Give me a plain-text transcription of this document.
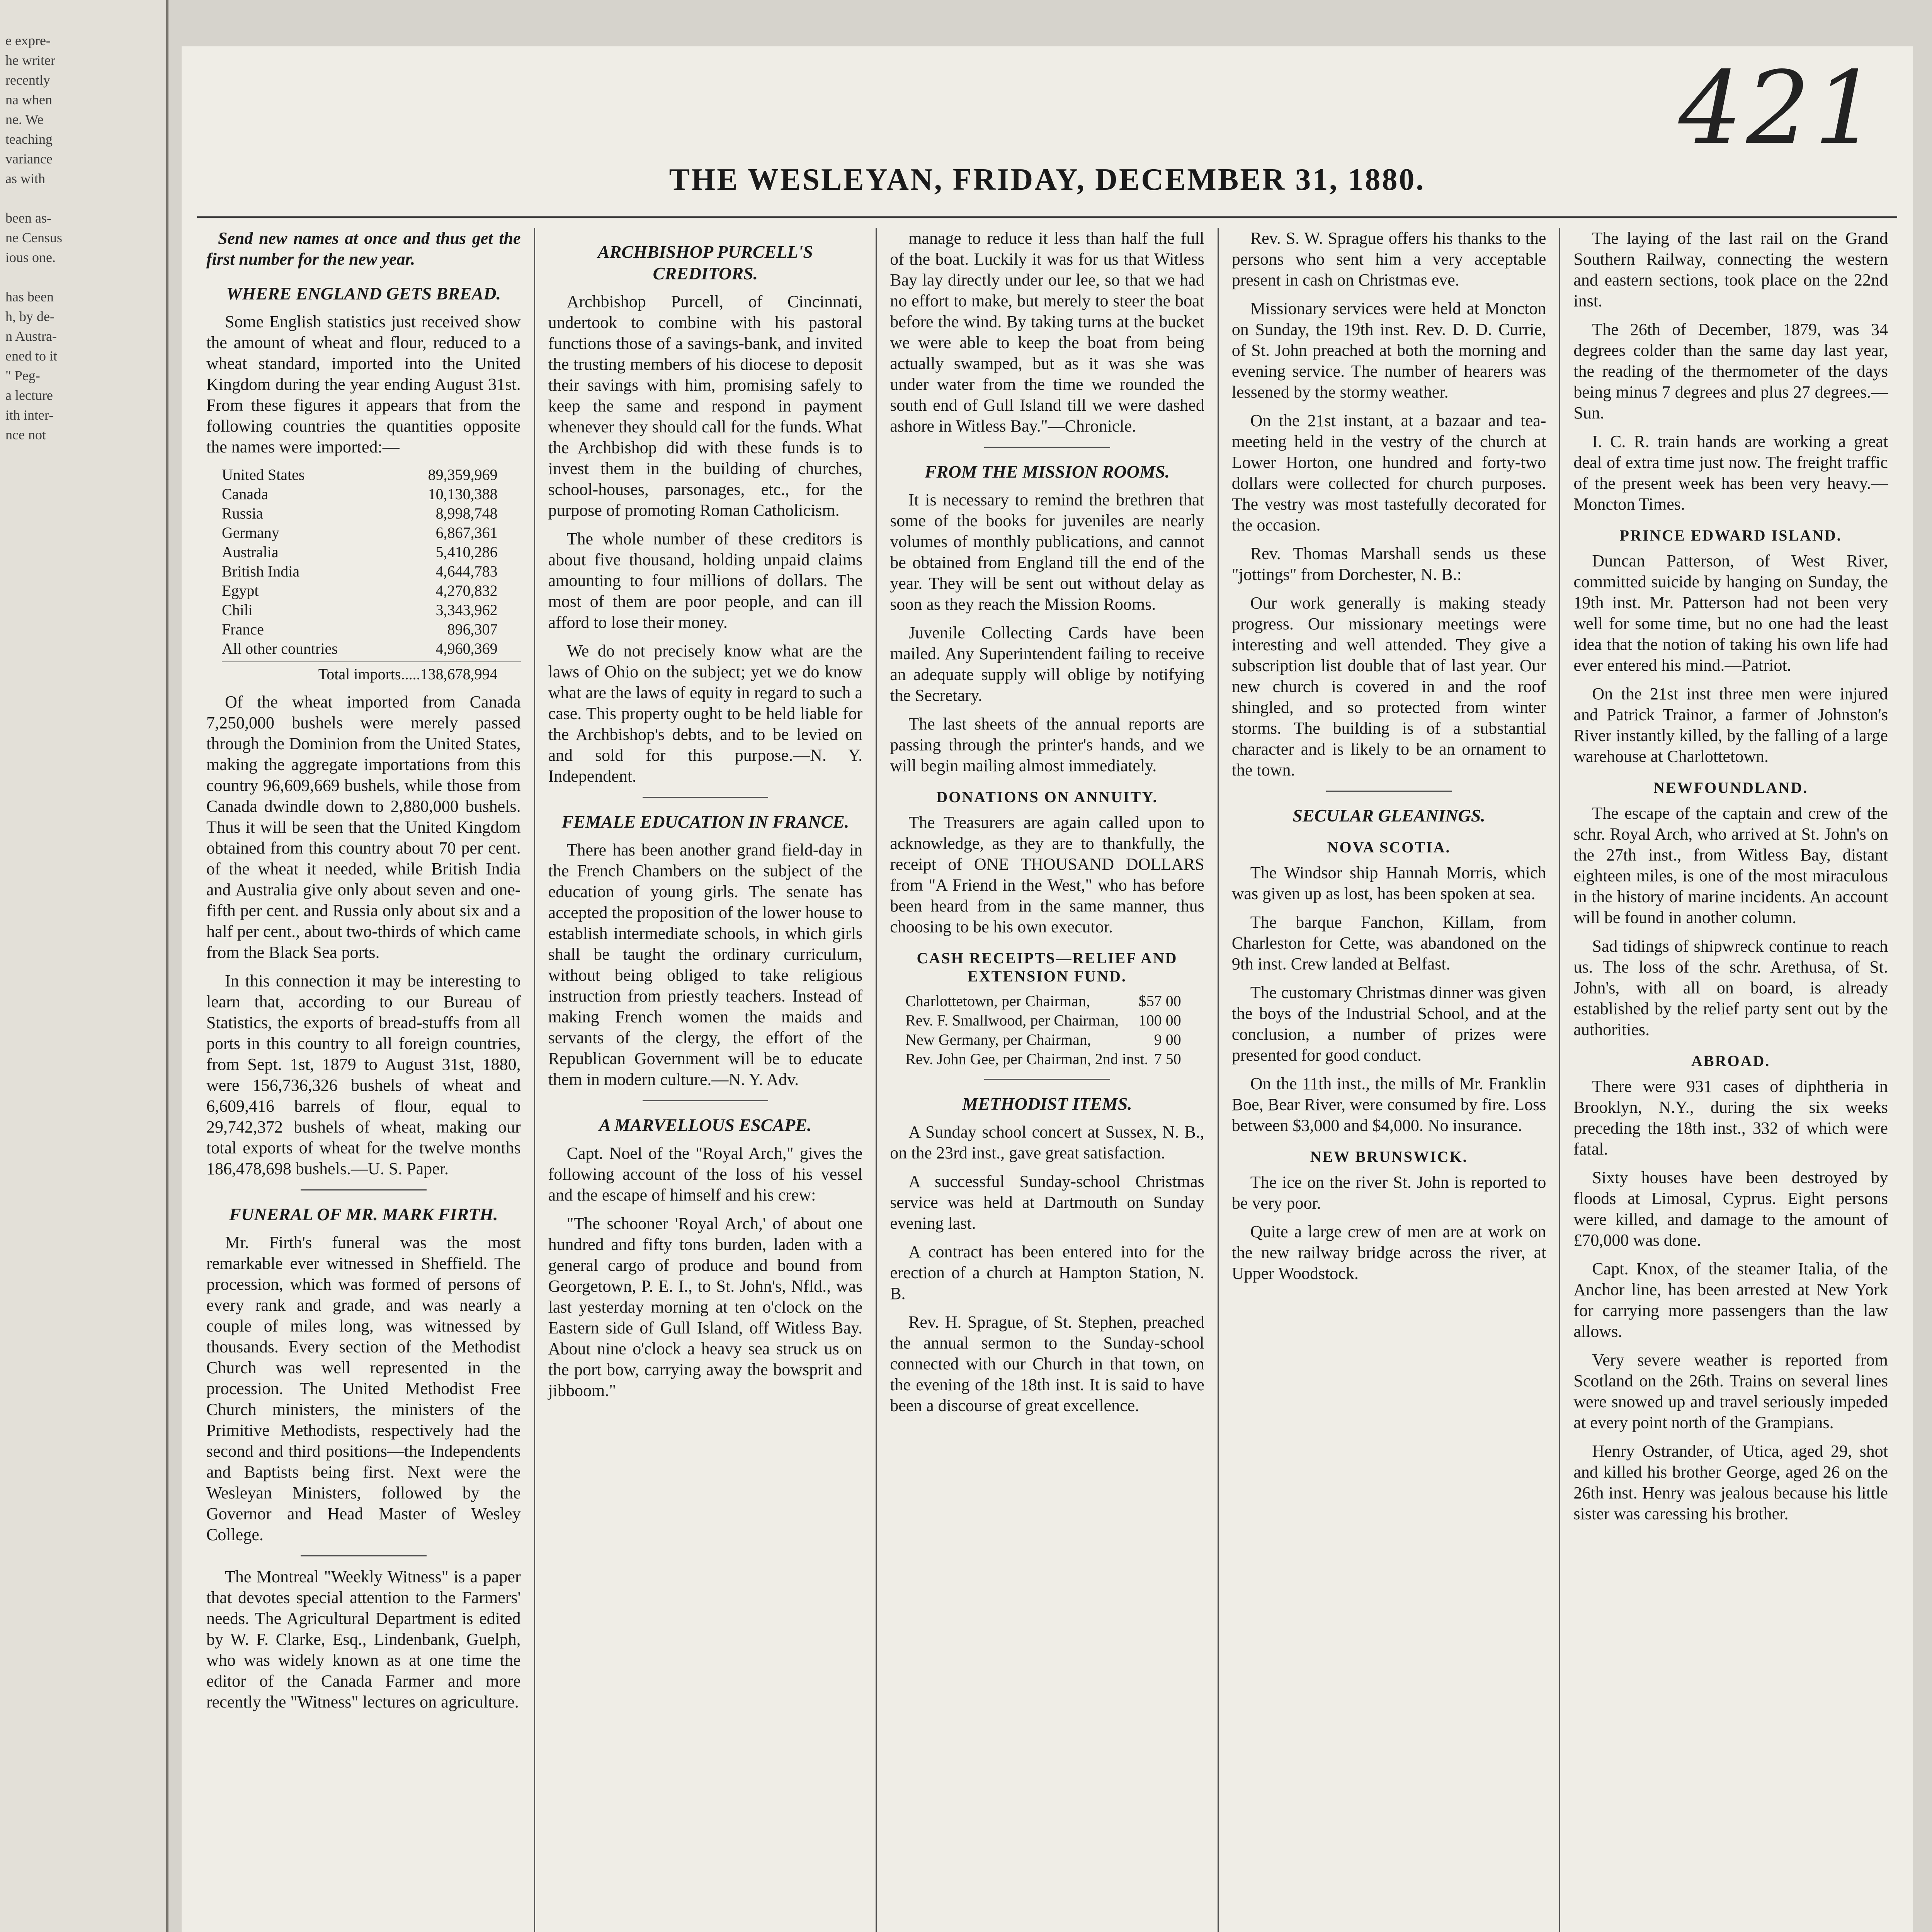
e expre-
he writer
recently
na when
ne. We
teaching
variance
as with

been as-
ne Census
ious one.

has been
h, by de-
n Austra-
ened to it
" Peg-
a lecture
ith inter-
nce not
421
THE WESLEYAN, FRIDAY, DECEMBER 31, 1880.

Send new names at once and thus get the first number for the new year.

WHERE ENGLAND GETS BREAD.

Some English statistics just received show the amount of wheat and flour, reduced to a wheat standard, imported into the United Kingdom during the year ending August 31st. From these figures it appears that from the following countries the quantities opposite the names were imported:—

United States	89,359,969
Canada	10,130,388
Russia	8,998,748
Germany	6,867,361
Australia	5,410,286
British India	4,644,783
Egypt	4,270,832
Chili	3,343,962
France	896,307
All other countries	4,960,369
Total imports.....138,678,994

Of the wheat imported from Canada 7,250,000 bushels were merely passed through the Dominion from the United States, making the aggregate importations from this country 96,609,669 bushels, while those from Canada dwindle down to 2,880,000 bushels. Thus it will be seen that the United Kingdom obtained from this country about 70 per cent. of the wheat it needed, while British India and Australia give only about seven and one-fifth per cent. and Russia only about six and a half per cent., about two-thirds of which came from the Black Sea ports.

In this connection it may be interesting to learn that, according to our Bureau of Statistics, the exports of bread-stuffs from all ports in this country to all foreign countries, from Sept. 1st, 1879 to August 31st, 1880, were 156,736,326 bushels of wheat and 6,609,416 barrels of flour, equal to 29,742,372 bushels of wheat, making our total exports of wheat for the twelve months 186,478,698 bushels.—U. S. Paper.

FUNERAL OF MR. MARK FIRTH.

Mr. Firth's funeral was the most remarkable ever witnessed in Sheffield. The procession, which was formed of persons of every rank and grade, and was nearly a couple of miles long, was witnessed by thousands. Every section of the Methodist Church was well represented in the procession. The United Methodist Free Church ministers, the ministers of the Primitive Methodists, respectively had the second and third positions—the Independents and Baptists being first. Next were the Wesleyan Ministers, followed by the Governor and Head Master of Wesley College.

The Montreal "Weekly Witness" is a paper that devotes special attention to the Farmers' needs. The Agricultural Department is edited by W. F. Clarke, Esq., Lindenbank, Guelph, who was widely known as at one time the editor of the Canada Farmer and more recently the "Witness" lectures on agriculture.

ARCHBISHOP PURCELL'S CREDITORS.

Archbishop Purcell, of Cincinnati, undertook to combine with his pastoral functions those of a savings-bank, and invited the trusting members of his diocese to deposit their savings with him, promising safely to keep the same and respond in payment whenever they should call for the funds. What the Archbishop did with these funds is to invest them in the building of churches, school-houses, parsonages, etc., for the purpose of promoting Roman Catholicism.

The whole number of these creditors is about five thousand, holding unpaid claims amounting to four millions of dollars. The most of them are poor people, and can ill afford to lose their money.

We do not precisely know what are the laws of Ohio on the subject; yet we do know what are the laws of equity in regard to such a case. This property ought to be held liable for the Archbishop's debts, and to be levied on and sold for this purpose.—N. Y. Independent.

FEMALE EDUCATION IN FRANCE.

There has been another grand field-day in the French Chambers on the subject of the education of young girls. The senate has accepted the proposition of the lower house to establish intermediate schools, in which girls shall be taught the ordinary curriculum, without being obliged to take religious instruction from priestly teachers. Instead of making French women the maids and servants of the clergy, the effort of the Republican Government will be to educate them in modern culture.—N. Y. Adv.

A MARVELLOUS ESCAPE.

Capt. Noel of the "Royal Arch," gives the following account of the loss of his vessel and the escape of himself and his crew:

"The schooner 'Royal Arch,' of about one hundred and fifty tons burden, laden with a general cargo of produce and bound from Georgetown, P. E. I., to St. John's, Nfld., was last yesterday morning at ten o'clock on the Eastern side of Gull Island, off Witless Bay. About nine o'clock a heavy sea struck us on the port bow, carrying away the bowsprit and jibboom."

manage to reduce it less than half the full of the boat. Luckily it was for us that Witless Bay lay directly under our lee, so that we had no effort to make, but merely to steer the boat before the wind. By taking turns at the bucket we were able to keep the boat from being actually swamped, but as it was she was under water from the time we rounded the south end of Gull Island till we were dashed ashore in Witless Bay."—Chronicle.

FROM THE MISSION ROOMS.

It is necessary to remind the brethren that some of the books for juveniles are nearly volumes of monthly publications, and cannot be obtained from England till the end of the year. They will be sent out without delay as soon as they reach the Mission Rooms.

Juvenile Collecting Cards have been mailed. Any Superintendent failing to receive an adequate supply will oblige by notifying the Secretary.

The last sheets of the annual reports are passing through the printer's hands, and we will begin mailing almost immediately.

DONATIONS ON ANNUITY.

The Treasurers are again called upon to acknowledge, as they are to thankfully, the receipt of ONE THOUSAND DOLLARS from "A Friend in the West," who has before been heard from in the same manner, thus choosing to be his own executor.

CASH RECEIPTS—RELIEF AND EXTENSION FUND.
Charlottetown, per Chairman,	$57 00
Rev. F. Smallwood, per Chairman, 100 00
New Germany, per Chairman,	9 00
Rev. John Gee, per Chairman, 2nd inst. 7 50
METHODIST ITEMS.

A Sunday school concert at Sussex, N. B., on the 23rd inst., gave great satisfaction.

A successful Sunday-school Christmas service was held at Dartmouth on Sunday evening last.

A contract has been entered into for the erection of a church at Hampton Station, N. B.

Rev. H. Sprague, of St. Stephen, preached the annual sermon to the Sunday-school connected with our Church in that town, on the evening of the 18th inst. It is said to have been a discourse of great excellence.

Rev. S. W. Sprague offers his thanks to the persons who sent him a very acceptable present in cash on Christmas eve.

Missionary services were held at Moncton on Sunday, the 19th inst. Rev. D. D. Currie, of St. John preached at both the morning and evening service. The number of hearers was lessened by the stormy weather.

On the 21st instant, at a bazaar and tea-meeting held in the vestry of the church at Lower Horton, one hundred and forty-two dollars were collected for church purposes. The vestry was most tastefully decorated for the occasion.

Rev. Thomas Marshall sends us these "jottings" from Dorchester, N. B.:

Our work generally is making steady progress. Our missionary meetings were interesting and well attended. They give a subscription list double that of last year. Our new church is covered in and the roof shingled, and so protected from winter storms. The building is of a substantial character and is likely to be an ornament to the town.

SECULAR GLEANINGS.
NOVA SCOTIA.

The Windsor ship Hannah Morris, which was given up as lost, has been spoken at sea.

The barque Fanchon, Killam, from Charleston for Cette, was abandoned on the 9th inst. Crew landed at Belfast.

The customary Christmas dinner was given the boys of the Industrial School, and at the conclusion, a number of prizes were presented for good conduct.

On the 11th inst., the mills of Mr. Franklin Boe, Bear River, were consumed by fire. Loss between $3,000 and $4,000. No insurance.

NEW BRUNSWICK.

The ice on the river St. John is reported to be very poor.

Quite a large crew of men are at work on the new railway bridge across the river, at Upper Woodstock.

The laying of the last rail on the Grand Southern Railway, connecting the western and eastern sections, took place on the 22nd inst.

The 26th of December, 1879, was 34 degrees colder than the same day last year, the reading of the thermometer of the days being minus 7 degrees and plus 27 degrees.—Sun.

I. C. R. train hands are working a great deal of extra time just now. The freight traffic of the present week has been very heavy.—Moncton Times.

PRINCE EDWARD ISLAND.

Duncan Patterson, of West River, committed suicide by hanging on Sunday, the 19th inst. Mr. Patterson had not been very well for some time, but no one had the least idea that the notion of taking his own life had ever entered his mind.—Patriot.

On the 21st inst three men were injured and Patrick Trainor, a farmer of Johnston's River instantly killed, by the falling of a large warehouse at Charlottetown.

NEWFOUNDLAND.

The escape of the captain and crew of the schr. Royal Arch, who arrived at St. John's on the 27th inst., from Witless Bay, distant eighteen miles, is one of the most miraculous in the history of marine incidents. An account will be found in another column.

Sad tidings of shipwreck continue to reach us. The loss of the schr. Arethusa, of St. John's, with all on board, is already established by the relief party sent out by the authorities.

ABROAD.

There were 931 cases of diphtheria in Brooklyn, N.Y., during the six weeks preceding the 18th inst., 332 of which were fatal.

Sixty houses have been destroyed by floods at Limosal, Cyprus. Eight persons were killed, and damage to the amount of £70,000 was done.

Capt. Knox, of the steamer Italia, of the Anchor line, has been arrested at New York for carrying more passengers than the law allows.

Very severe weather is reported from Scotland on the 26th. Trains on several lines were snowed up and travel seriously impeded at every point north of the Grampians.

Henry Ostrander, of Utica, aged 29, shot and killed his brother George, aged 26 on the 26th inst. Henry was jealous because his little sister was caressing his brother.
